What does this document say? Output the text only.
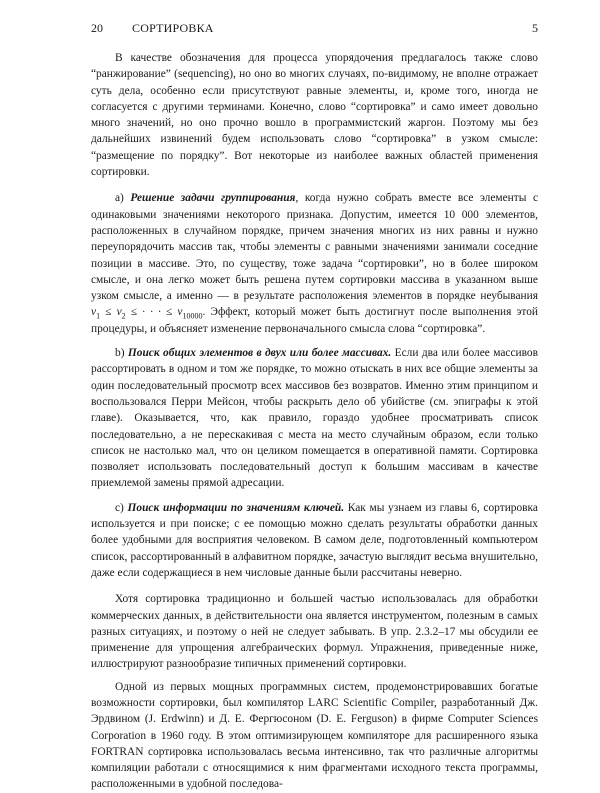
20 СОРТИРОВКА	5

В качестве обозначения для процесса упорядочения предлагалось также слово “ранжирование” (sequencing), но оно во многих случаях, по-видимому, не вполне отражает суть дела, особенно если присутствуют равные элементы, и, кроме того, иногда не согласуется с другими терминами. Конечно, слово “сортировка” и само имеет довольно много значений, но оно прочно вошло в программистский жаргон. Поэтому мы без дальнейших извинений будем использовать слово “сортировка” в узком смысле: “размещение по порядку”. Вот некоторые из наиболее важных областей применения сортировки.

a) Решение задачи группирования, когда нужно собрать вместе все элементы с одинаковыми значениями некоторого признака. Допустим, имеется 10 000 элементов, расположенных в случайном порядке, причем значения многих из них равны и нужно переупорядочить массив так, чтобы элементы с равными значениями занимали соседние позиции в массиве. Это, по существу, тоже задача “сортировки”, но в более широком смысле, и она легко может быть решена путем сортировки массива в указанном выше узком смысле, а именно — в результате расположения элементов в порядке неубывания $v_1 \le v_2$ ≤ · · · ≤ $v_{10000}$. Эффект, который может быть достигнут после выполнения этой процедуры, и объясняет изменение первоначального смысла слова “сортировка”.

b) Поиск общих элементов в двух или более массивах. Если два или более массивов рассортировать в одном и том же порядке, то можно отыскать в них все общие элементы за один последовательный просмотр всех массивов без возвратов. Именно этим принципом и воспользовался Перри Мейсон, чтобы раскрыть дело об убийстве (см. эпиграфы к этой главе). Оказывается, что, как правило, гораздо удобнее просматривать список последовательно, а не перескакивая с места на место случайным образом, если только список не настолько мал, что он целиком помещается в оперативной памяти. Сортировка позволяет использовать последовательный доступ к большим массивам в качестве приемлемой замены прямой адресации.

c) Поиск информации по значениям ключей. Как мы узнаем из главы 6, сортировка используется и при поиске; с ее помощью можно сделать результаты обработки данных более удобными для восприятия человеком. В самом деле, подготовленный компьютером список, рассортированный в алфавитном порядке, зачастую выглядит весьма внушительно, даже если содержащиеся в нем числовые данные были рассчитаны неверно.

Хотя сортировка традиционно и большей частью использовалась для обработки коммерческих данных, в действительности она является инструментом, полезным в самых разных ситуациях, и поэтому о ней не следует забывать. В упр. 2.3.2–17 мы обсудили ее применение для упрощения алгебраических формул. Упражнения, приведенные ниже, иллюстрируют разнообразие типичных применений сортировки.

Одной из первых мощных программных систем, продемонстрировавших богатые возможности сортировки, был компилятор LARC Scientific Compiler, разработанный Дж. Эрдвином (J. Erdwinn) и Д. Е. Фергюсоном (D. E. Ferguson) в фирме Computer Sciences Corporation в 1960 году. В этом оптимизирующем компиляторе для расширенного языка FORTRAN сортировка использовалась весьма интенсивно, так что различные алгоритмы компиляции работали с относящимися к ним фрагментами исходного текста программы, расположенными в удобной последова-
